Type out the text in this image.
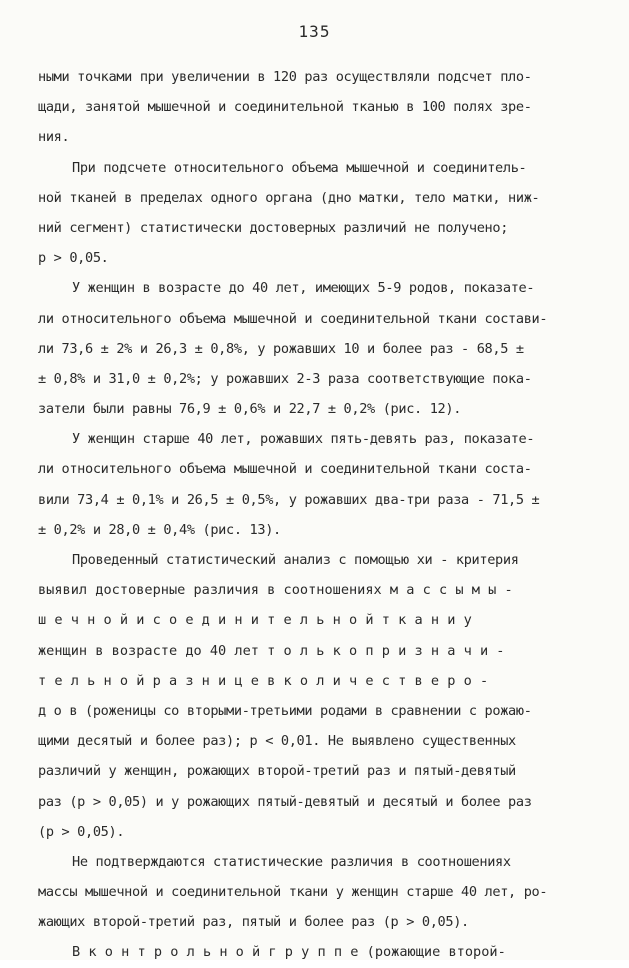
135
ными точками при увеличении в 120 раз осуществляли подсчет пло-
щади, занятой мышечной и соединительной тканью в 100 полях зре-
ния.
При подсчете относительного объема мышечной и соединитель-
ной тканей в пределах одного органа (дно матки, тело матки, ниж-
ний сегмент) статистически достоверных различий не получено;
p > 0,05.
У женщин в возрасте до 40 лет, имеющих 5-9 родов, показате-
ли относительного объема мышечной и соединительной ткани состави-
ли 73,6 ± 2% и 26,3 ± 0,8%, у рожавших 10 и более раз - 68,5 ±
± 0,8% и 31,0 ± 0,2%; у рожавших 2-3 раза соответствующие пока-
затели были равны 76,9 ± 0,6% и 22,7 ± 0,2% (рис. 12).
У женщин старше 40 лет, рожавших пять-девять раз, показате-
ли относительного объема мышечной и соединительной ткани соста-
вили 73,4 ± 0,1% и 26,5 ± 0,5%, у рожавших два-три раза - 71,5 ±
± 0,2% и 28,0 ± 0,4% (рис. 13).
Проведенный статистический анализ с помощью хи - критерия
выявил достоверные различия в соотношениях м а с с ы м ы -
ш е ч н о й и с о е д и н и т е л ь н о й т к а н и у
женщин в возрасте до 40 лет т о л ь к о п р и з н а ч и -
т е л ь н о й р а з н и ц е в к о л и ч е с т в е р о -
д о в (роженицы со вторыми-третьими родами в сравнении с рожаю-
щими десятый и более раз); p < 0,01. Не выявлено существенных
различий у женщин, рожающих второй-третий раз и пятый-девятый
раз (p > 0,05) и у рожающих пятый-девятый и десятый и более раз
(p > 0,05).
Не подтверждаются статистические различия в соотношениях
массы мышечной и соединительной ткани у женщин старше 40 лет, ро-
жающих второй-третий раз, пятый и более раз (p > 0,05).
В к о н т р о л ь н о й г р у п п е (рожающие второй-
